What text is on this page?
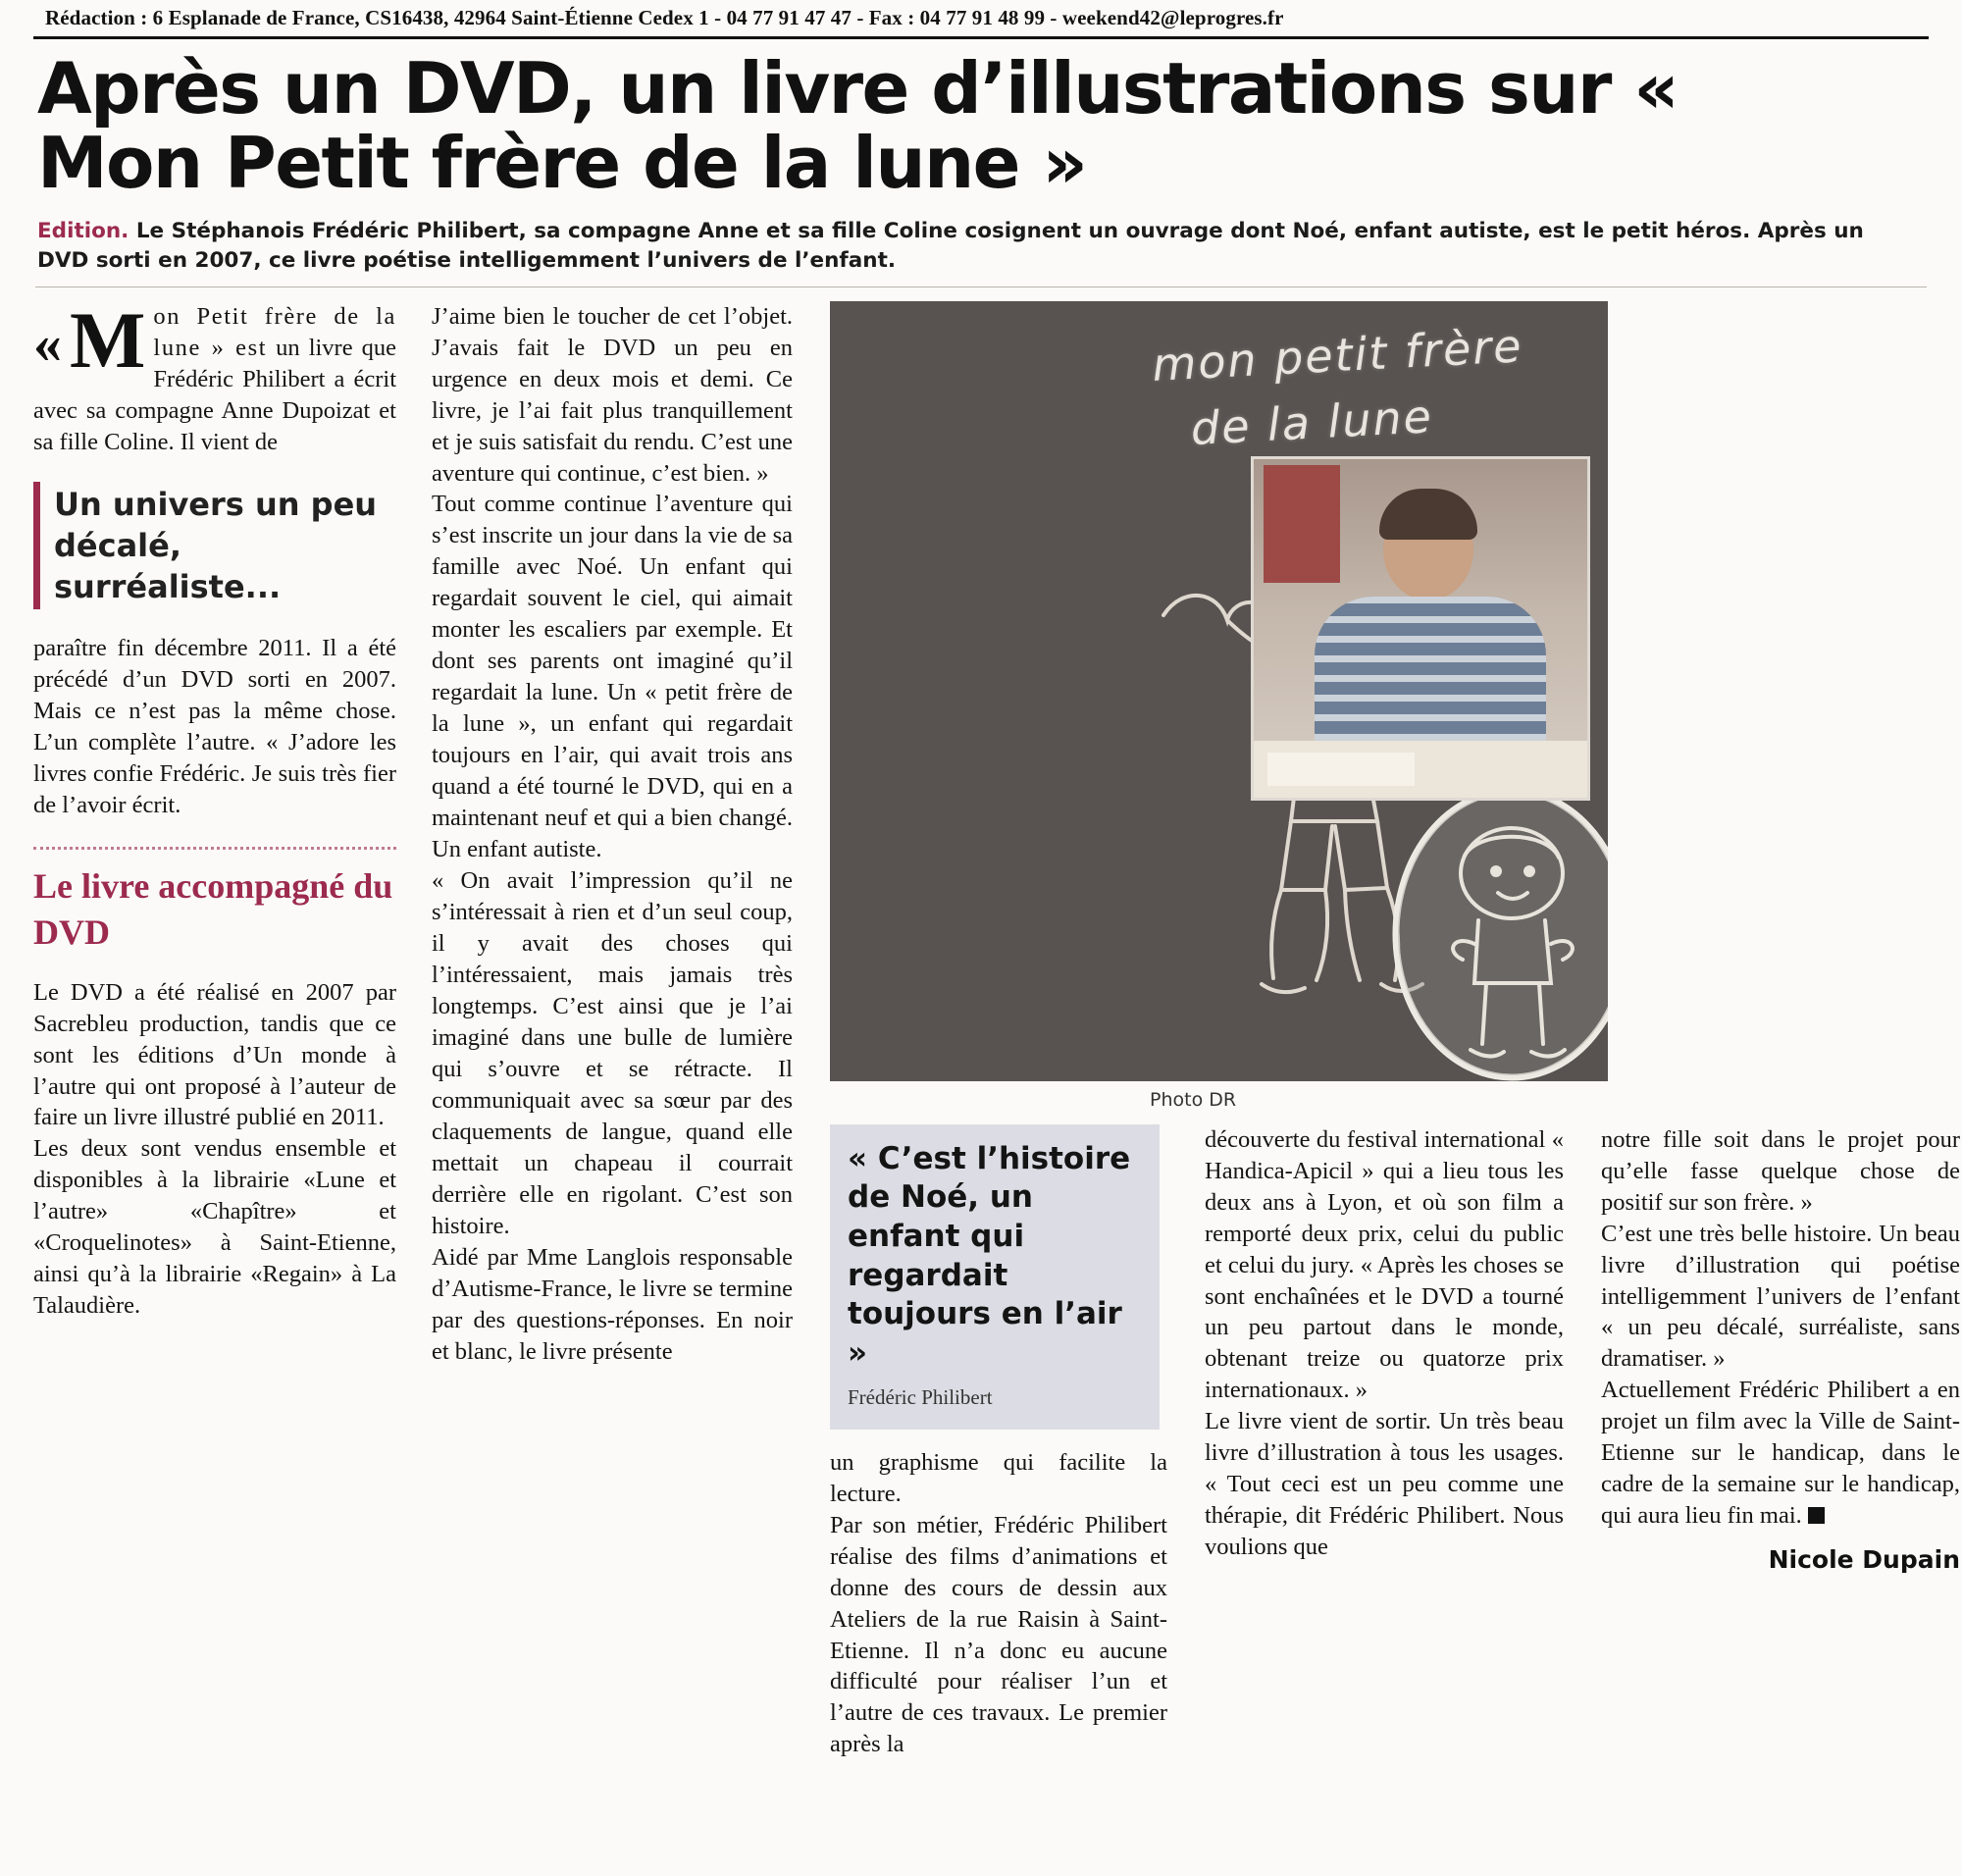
Rédaction : 6 Esplanade de France, CS16438, 42964 Saint-Étienne Cedex 1 - 04 77 91 47 47 - Fax : 04 77 91 48 99 - weekend42@leprogres.fr
Après un DVD, un livre d’illustrations sur « Mon Petit frère de la lune »
Edition. Le Stéphanois Frédéric Philibert, sa compagne Anne et sa fille Coline cosignent un ouvrage dont Noé, enfant autiste, est le petit héros. Après un DVD sorti en 2007, ce livre poétise intelligemment l’univers de l’enfant.
« M on Petit frère de la lune » est un livre que Frédéric Philibert a écrit avec sa compagne Anne Dupoizat et sa fille Coline. Il vient de

Un univers un peu décalé, surréaliste...

paraître fin décembre 2011. Il a été précédé d’un DVD sorti en 2007. Mais ce n’est pas la même chose. L’un complète l’autre. « J’adore les livres confie Frédéric. Je suis très fier de l’avoir écrit.

Le livre accompagné du DVD

Le DVD a été réalisé en 2007 par Sacrebleu production, tandis que ce sont les éditions d’Un monde à l’autre qui ont proposé à l’auteur de faire un livre illustré publié en 2011.

Les deux sont vendus ensemble et disponibles à la librairie «Lune et l’autre» «Chapître» et «Croquelinotes» à Saint-Etienne, ainsi qu’à la librairie «Regain» à La Talaudière.

J’aime bien le toucher de cet l’objet. J’avais fait le DVD un peu en urgence en deux mois et demi. Ce livre, je l’ai fait plus tranquillement et je suis satisfait du rendu. C’est une aventure qui continue, c’est bien. »

Tout comme continue l’aventure qui s’est inscrite un jour dans la vie de sa famille avec Noé. Un enfant qui regardait souvent le ciel, qui aimait monter les escaliers par exemple. Et dont ses parents ont imaginé qu’il regardait la lune. Un « petit frère de la lune », un enfant qui regardait toujours en l’air, qui avait trois ans quand a été tourné le DVD, qui en a maintenant neuf et qui a bien changé. Un enfant autiste.

« On avait l’impression qu’il ne s’intéressait à rien et d’un seul coup, il y avait des choses qui l’intéressaient, mais jamais très longtemps. C’est ainsi que je l’ai imaginé dans une bulle de lumière qui s’ouvre et se rétracte. Il communiquait avec sa sœur par des claquements de langue, quand elle mettait un chapeau il courrait derrière elle en rigolant. C’est son histoire.

Aidé par Mme Langlois responsable d’Autisme-France, le livre se termine par des questions-réponses. En noir et blanc, le livre présente

mon petit frère
de la lune
Photo DR
« C’est l’histoire de Noé, un enfant qui regardait toujours en l’air »
Frédéric Philibert

un graphisme qui facilite la lecture.

Par son métier, Frédéric Philibert réalise des films d’animations et donne des cours de dessin aux Ateliers de la rue Raisin à Saint-Etienne. Il n’a donc eu aucune difficulté pour réaliser l’un et l’autre de ces travaux. Le premier après la

découverte du festival international « Handica-Apicil » qui a lieu tous les deux ans à Lyon, et où son film a remporté deux prix, celui du public et celui du jury. « Après les choses se sont enchaînées et le DVD a tourné un peu partout dans le monde, obtenant treize ou quatorze prix internationaux. »

Le livre vient de sortir. Un très beau livre d’illustration à tous les usages. « Tout ceci est un peu comme une thérapie, dit Frédéric Philibert. Nous voulions que

notre fille soit dans le projet pour qu’elle fasse quelque chose de positif sur son frère. »

C’est une très belle histoire. Un beau livre d’illustration qui poétise intelligemment l’univers de l’enfant « un peu décalé, surréaliste, sans dramatiser. »

Actuellement Frédéric Philibert a en projet un film avec la Ville de Saint-Etienne sur le handicap, dans le cadre de la semaine sur le handicap, qui aura lieu fin mai.

Nicole Dupain
